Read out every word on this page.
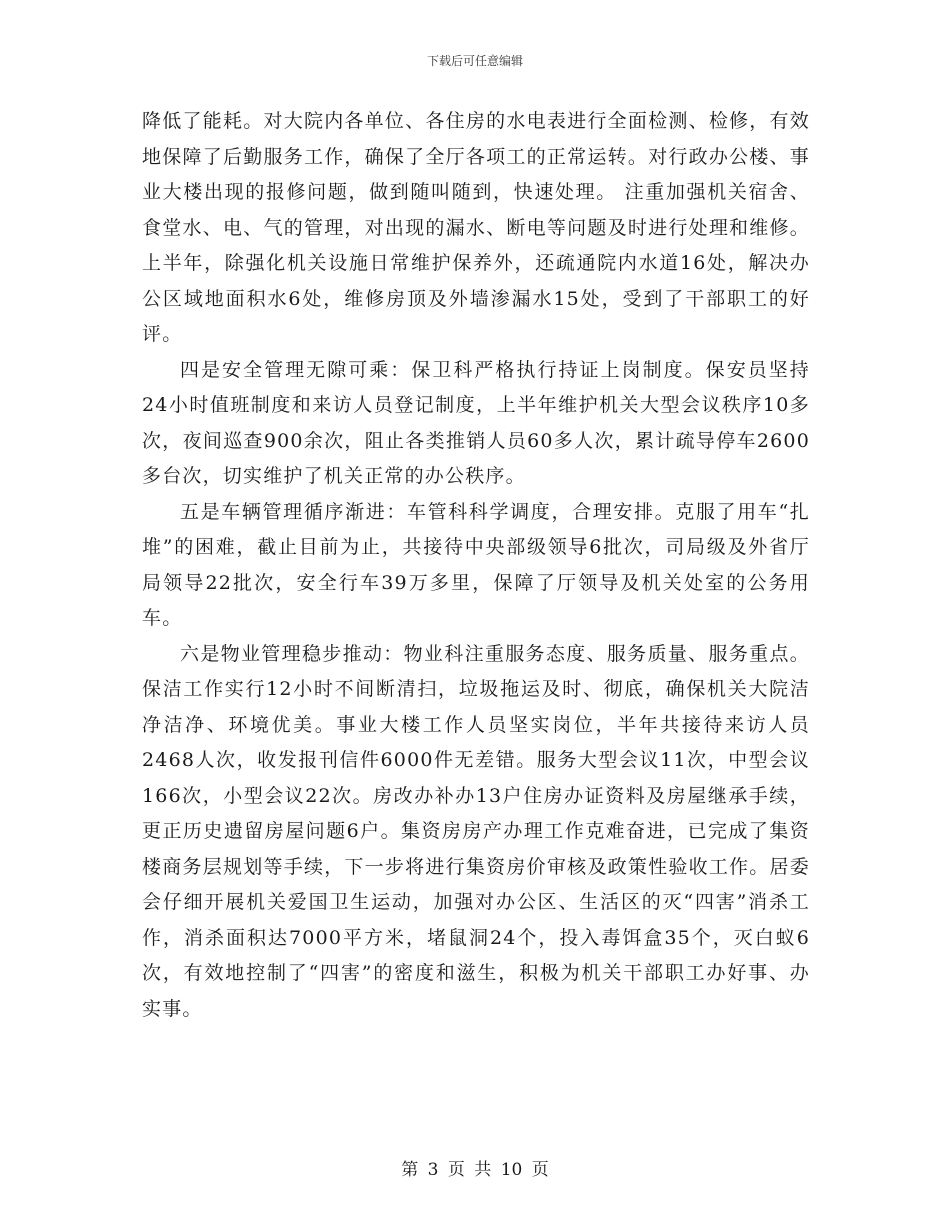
下载后可任意编辑

降低了能耗。对大院内各单位、各住房的水电表进行全面检测、检修，有效地保障了后勤服务工作，确保了全厅各项工的正常运转。对行政办公楼、事业大楼出现的报修问题，做到随叫随到，快速处理。 注重加强机关宿舍、食堂水、电、气的管理，对出现的漏水、断电等问题及时进行处理和维修。上半年，除强化机关设施日常维护保养外，还疏通院内水道16处，解决办公区域地面积水6处，维修房顶及外墙渗漏水15处，受到了干部职工的好评。

四是安全管理无隙可乘：保卫科严格执行持证上岗制度。保安员坚持24小时值班制度和来访人员登记制度，上半年维护机关大型会议秩序10多次，夜间巡查900余次，阻止各类推销人员60多人次，累计疏导停车2600多台次，切实维护了机关正常的办公秩序。

五是车辆管理循序渐进：车管科科学调度，合理安排。克服了用车“扎堆”的困难，截止目前为止，共接待中央部级领导6批次，司局级及外省厅局领导22批次，安全行车39万多里，保障了厅领导及机关处室的公务用车。

六是物业管理稳步推动：物业科注重服务态度、服务质量、服务重点。保洁工作实行12小时不间断清扫，垃圾拖运及时、彻底，确保机关大院洁净洁净、环境优美。事业大楼工作人员坚实岗位，半年共接待来访人员2468人次，收发报刊信件6000件无差错。服务大型会议11次，中型会议166次，小型会议22次。房改办补办13户住房办证资料及房屋继承手续，更正历史遗留房屋问题6户。集资房房产办理工作克难奋进，已完成了集资楼商务层规划等手续，下一步将进行集资房价审核及政策性验收工作。居委会仔细开展机关爱国卫生运动，加强对办公区、生活区的灭“四害”消杀工作，消杀面积达7000平方米，堵鼠洞24个，投入毒饵盒35个，灭白蚁6次，有效地控制了“四害”的密度和滋生，积极为机关干部职工办好事、办实事。

第 3 页 共 10 页
